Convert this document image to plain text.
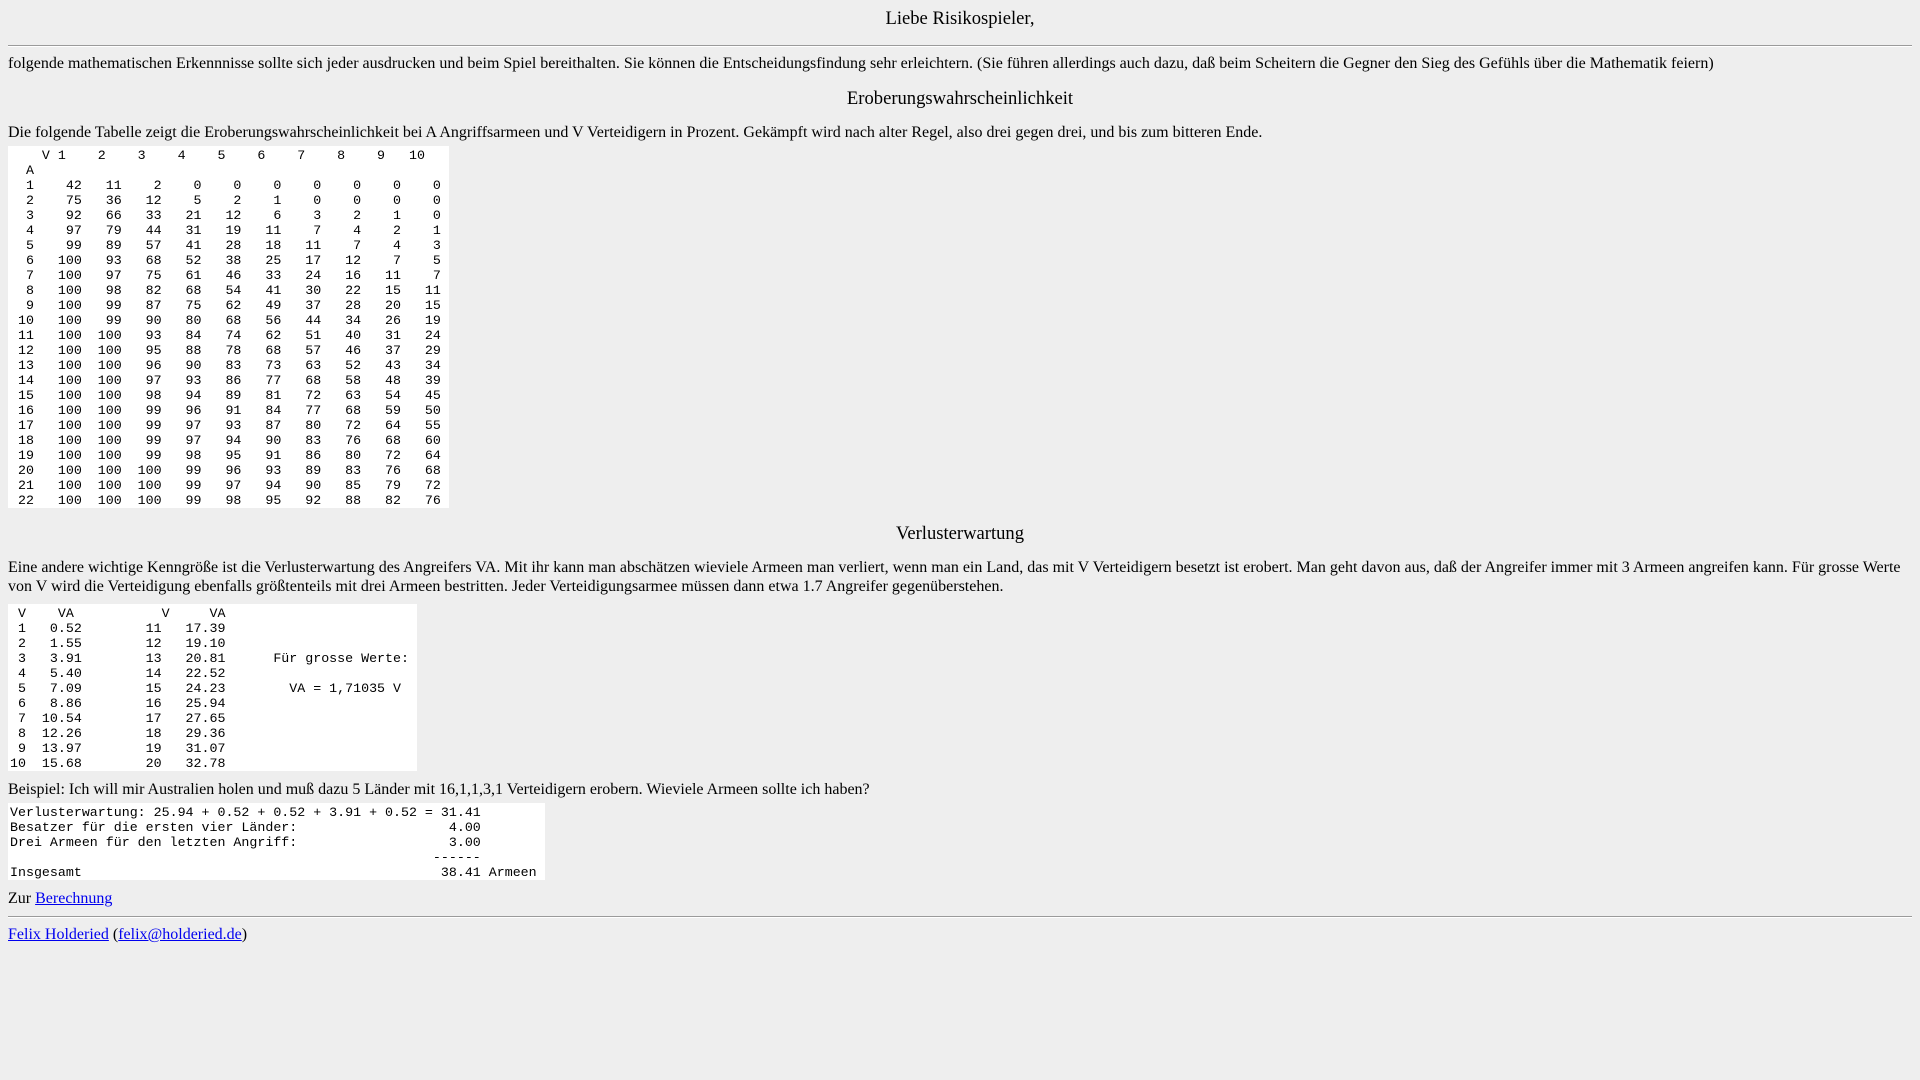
Liebe Risikospieler,

folgende mathematischen Erkennnisse sollte sich jeder ausdrucken und beim Spiel bereithalten. Sie können die Entscheidungsfindung sehr erleichtern. (Sie führen allerdings auch dazu, daß beim Scheitern die Gegner den Sieg des Gefühls über die Mathematik feiern)

Eroberungswahrscheinlichkeit

Die folgende Tabelle zeigt die Eroberungswahrscheinlichkeit bei A Angriffsarmeen und V Verteidigern in Prozent. Gekämpft wird nach alter Regel, also drei gegen drei, und bis zum bitteren Ende.

V 1    2    3    4    5    6    7    8    9   10
A
1    42   11    2    0    0    0    0    0    0    0
2    75   36   12    5    2    1    0    0    0    0
3    92   66   33   21   12    6    3    2    1    0
4    97   79   44   31   19   11    7    4    2    1
5    99   89   57   41   28   18   11    7    4    3
6   100   93   68   52   38   25   17   12    7    5
7   100   97   75   61   46   33   24   16   11    7
8   100   98   82   68   54   41   30   22   15   11
9   100   99   87   75   62   49   37   28   20   15
10   100   99   90   80   68   56   44   34   26   19
11   100  100   93   84   74   62   51   40   31   24
12   100  100   95   88   78   68   57   46   37   29
13   100  100   96   90   83   73   63   52   43   34
14   100  100   97   93   86   77   68   58   48   39
15   100  100   98   94   89   81   72   63   54   45
16   100  100   99   96   91   84   77   68   59   50
17   100  100   99   97   93   87   80   72   64   55
18   100  100   99   97   94   90   83   76   68   60
19   100  100   99   98   95   91   86   80   72   64
20   100  100  100   99   96   93   89   83   76   68
21   100  100  100   99   97   94   90   85   79   72
22   100  100  100   99   98   95   92   88   82   76

Verlusterwartung

Eine andere wichtige Kenngröße ist die Verlusterwartung des Angreifers VA. Mit ihr kann man abschätzen wieviele Armeen man verliert, wenn man ein Land, das mit V Verteidigern besetzt ist erobert. Man geht davon aus, daß der Angreifer immer mit 3 Armeen angreifen kann. Für grosse Werte von V wird die Verteidigung ebenfalls größtenteils mit drei Armeen bestritten. Jeder Verteidigungsarmee müssen dann etwa 1.7 Angreifer gegenüberstehen.

V    VA           V     VA
1   0.52        11   17.39
2   1.55        12   19.10
3   3.91        13   20.81      Für grosse Werte:
4   5.40        14   22.52
5   7.09        15   24.23        VA = 1,71035 V
6   8.86        16   25.94
7  10.54        17   27.65
8  12.26        18   29.36
9  13.97        19   31.07
10  15.68        20   32.78

Beispiel: Ich will mir Australien holen und muß dazu 5 Länder mit 16,1,1,3,1 Verteidigern erobern. Wieviele Armeen sollte ich haben?

Verlusterwartung: 25.94 + 0.52 + 0.52 + 3.91 + 0.52 = 31.41
Besatzer für die ersten vier Länder:                   4.00
Drei Armeen für den letzten Angriff:                   3.00
------
Insgesamt                                             38.41 Armeen

Zur Berechnung

Felix Holderied (felix@holderied.de)
